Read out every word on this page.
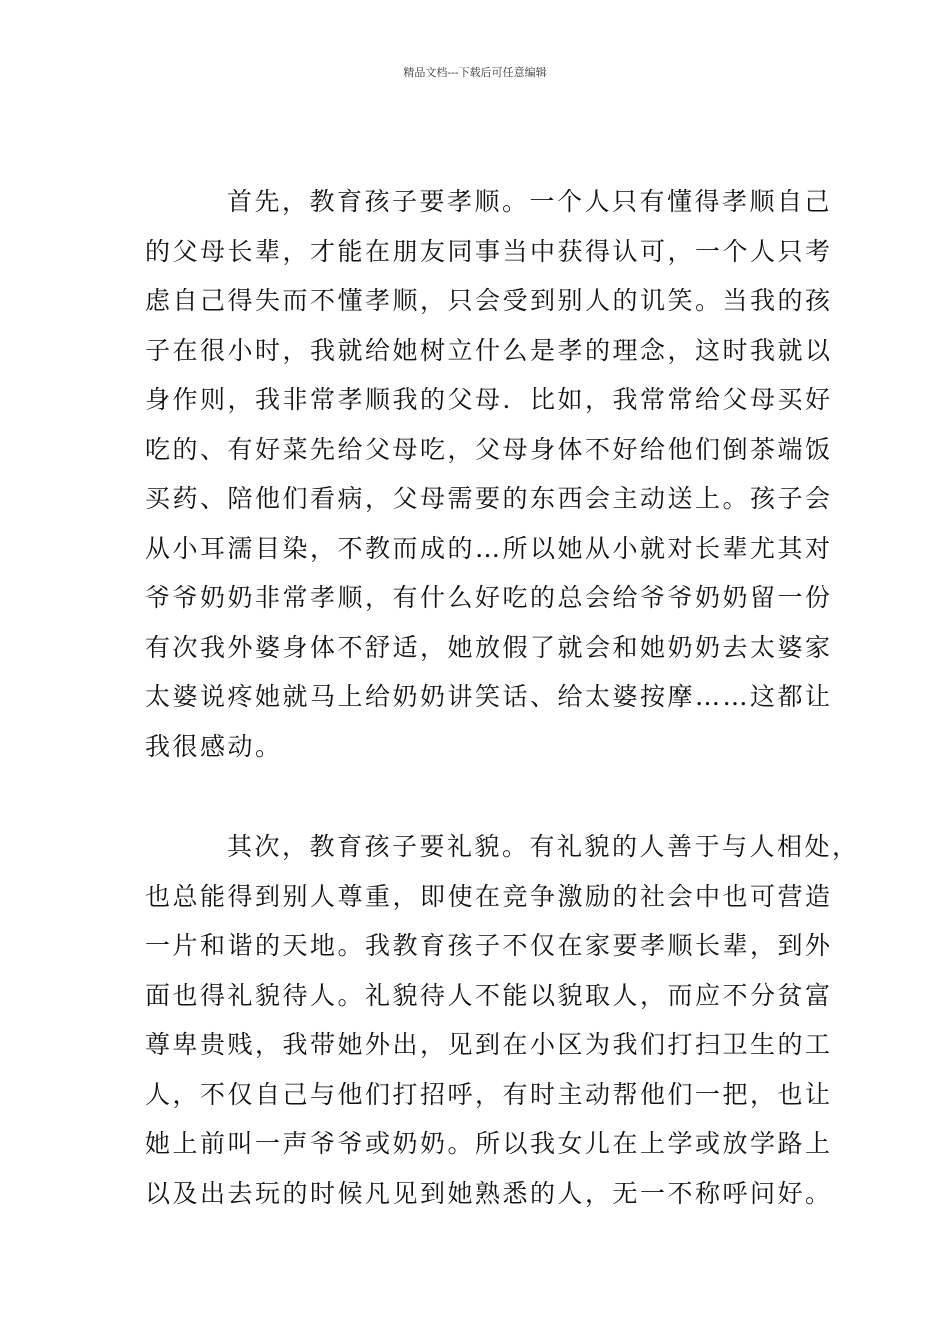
精品文档---下载后可任意编辑
首先，教育孩子要孝顺。一个人只有懂得孝顺自己
的父母长辈，才能在朋友同事当中获得认可，一个人只考
虑自己得失而不懂孝顺，只会受到别人的讥笑。当我的孩
子在很小时，我就给她树立什么是孝的理念，这时我就以
身作则，我非常孝顺我的父母．比如，我常常给父母买好
吃的、有好菜先给父母吃，父母身体不好给他们倒茶端饭
买药、陪他们看病，父母需要的东西会主动送上。孩子会
从小耳濡目染，不教而成的…所以她从小就对长辈尤其对
爷爷奶奶非常孝顺，有什么好吃的总会给爷爷奶奶留一份
有次我外婆身体不舒适，她放假了就会和她奶奶去太婆家
太婆说疼她就马上给奶奶讲笑话、给太婆按摩……这都让
我很感动。
其次，教育孩子要礼貌。有礼貌的人善于与人相处，
也总能得到别人尊重，即使在竞争激励的社会中也可营造
一片和谐的天地。我教育孩子不仅在家要孝顺长辈，到外
面也得礼貌待人。礼貌待人不能以貌取人，而应不分贫富
尊卑贵贱，我带她外出，见到在小区为我们打扫卫生的工
人，不仅自己与他们打招呼，有时主动帮他们一把，也让
她上前叫一声爷爷或奶奶。所以我女儿在上学或放学路上
以及出去玩的时候凡见到她熟悉的人，无一不称呼问好。
